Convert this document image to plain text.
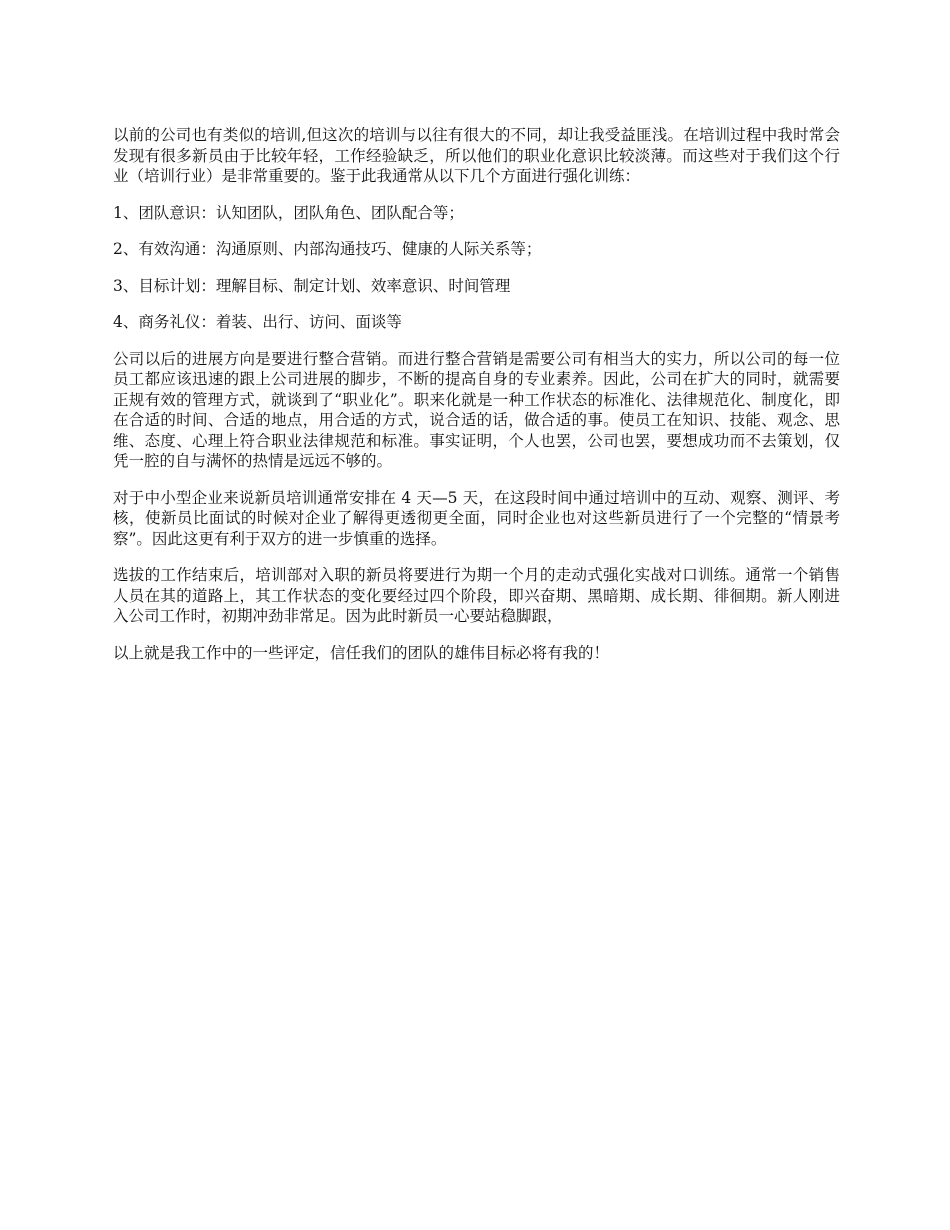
以前的公司也有类似的培训,但这次的培训与以往有很大的不同，却让我受益匪浅。在培训过程中我时常会发现有很多新员由于比较年轻，工作经验缺乏，所以他们的职业化意识比较淡薄。而这些对于我们这个行业（培训行业）是非常重要的。鉴于此我通常从以下几个方面进行强化训练：

1、团队意识：认知团队，团队角色、团队配合等；

2、有效沟通：沟通原则、内部沟通技巧、健康的人际关系等；

3、目标计划：理解目标、制定计划、效率意识、时间管理

4、商务礼仪：着装、出行、访问、面谈等

公司以后的进展方向是要进行整合营销。而进行整合营销是需要公司有相当大的实力，所以公司的每一位员工都应该迅速的跟上公司进展的脚步，不断的提高自身的专业素养。因此，公司在扩大的同时，就需要正规有效的管理方式，就谈到了“职业化”。职来化就是一种工作状态的标准化、法律规范化、制度化，即在合适的时间、合适的地点，用合适的方式，说合适的话，做合适的事。使员工在知识、技能、观念、思维、态度、心理上符合职业法律规范和标准。事实证明，个人也罢，公司也罢，要想成功而不去策划，仅凭一腔的自与满怀的热情是远远不够的。

对于中小型企业来说新员培训通常安排在 4 天—5 天，在这段时间中通过培训中的互动、观察、测评、考核，使新员比面试的时候对企业了解得更透彻更全面，同时企业也对这些新员进行了一个完整的“情景考察”。因此这更有利于双方的进一步慎重的选择。

选拔的工作结束后，培训部对入职的新员将要进行为期一个月的走动式强化实战对口训练。通常一个销售人员在其的道路上，其工作状态的变化要经过四个阶段，即兴奋期、黑暗期、成长期、徘徊期。新人刚进入公司工作时，初期冲劲非常足。因为此时新员一心要站稳脚跟，

以上就是我工作中的一些评定，信任我们的团队的雄伟目标必将有我的！
